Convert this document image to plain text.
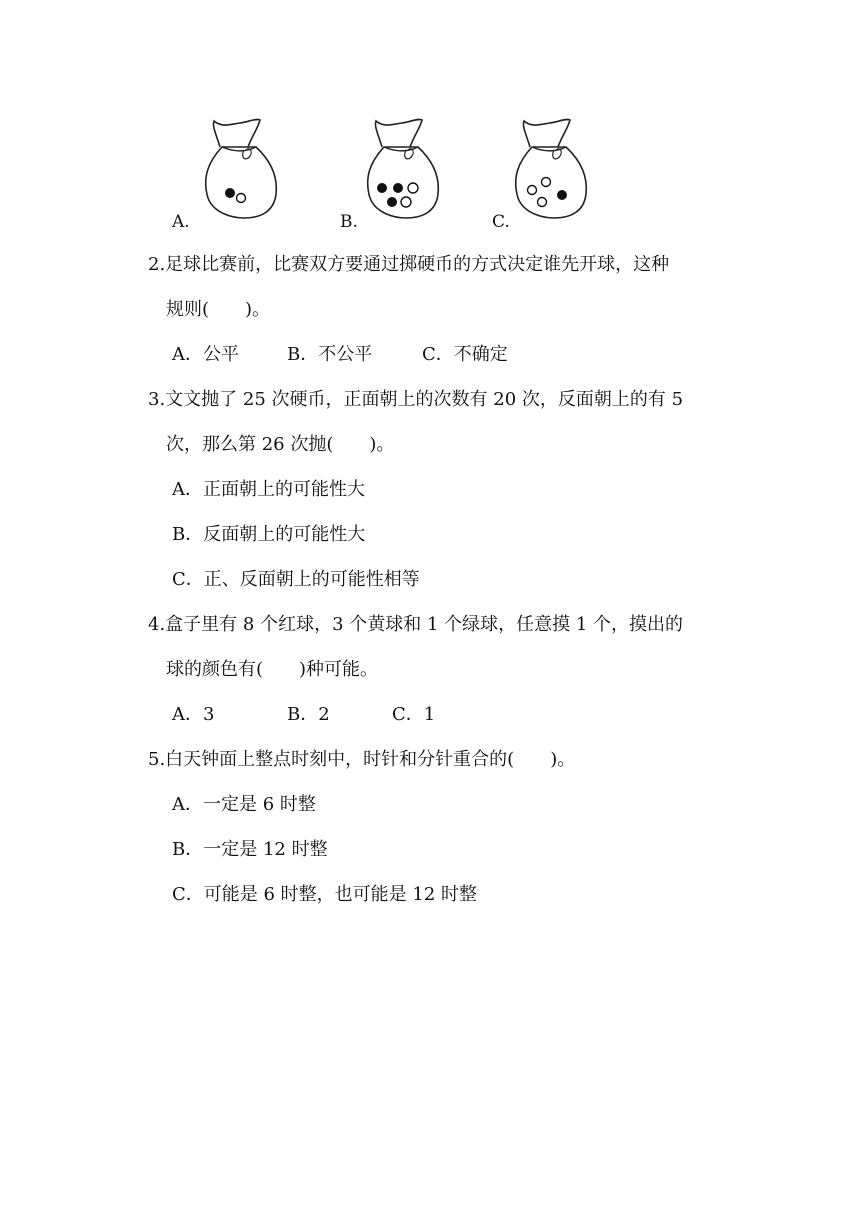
A.	B.	C.
2.足球比赛前，比赛双方要通过掷硬币的方式决定谁先开球，这种
规则(　　)。
A．公平	B．不公平	C．不确定
3.文文抛了 25 次硬币，正面朝上的次数有 20 次，反面朝上的有 5
次，那么第 26 次抛(　　)。
A．正面朝上的可能性大
B．反面朝上的可能性大
C．正、反面朝上的可能性相等
4.盒子里有 8 个红球，3 个黄球和 1 个绿球，任意摸 1 个，摸出的
球的颜色有(　　)种可能。
A．3	B．2	C．1
5.白天钟面上整点时刻中，时针和分针重合的(　　)。
A．一定是 6 时整
B．一定是 12 时整
C．可能是 6 时整，也可能是 12 时整
